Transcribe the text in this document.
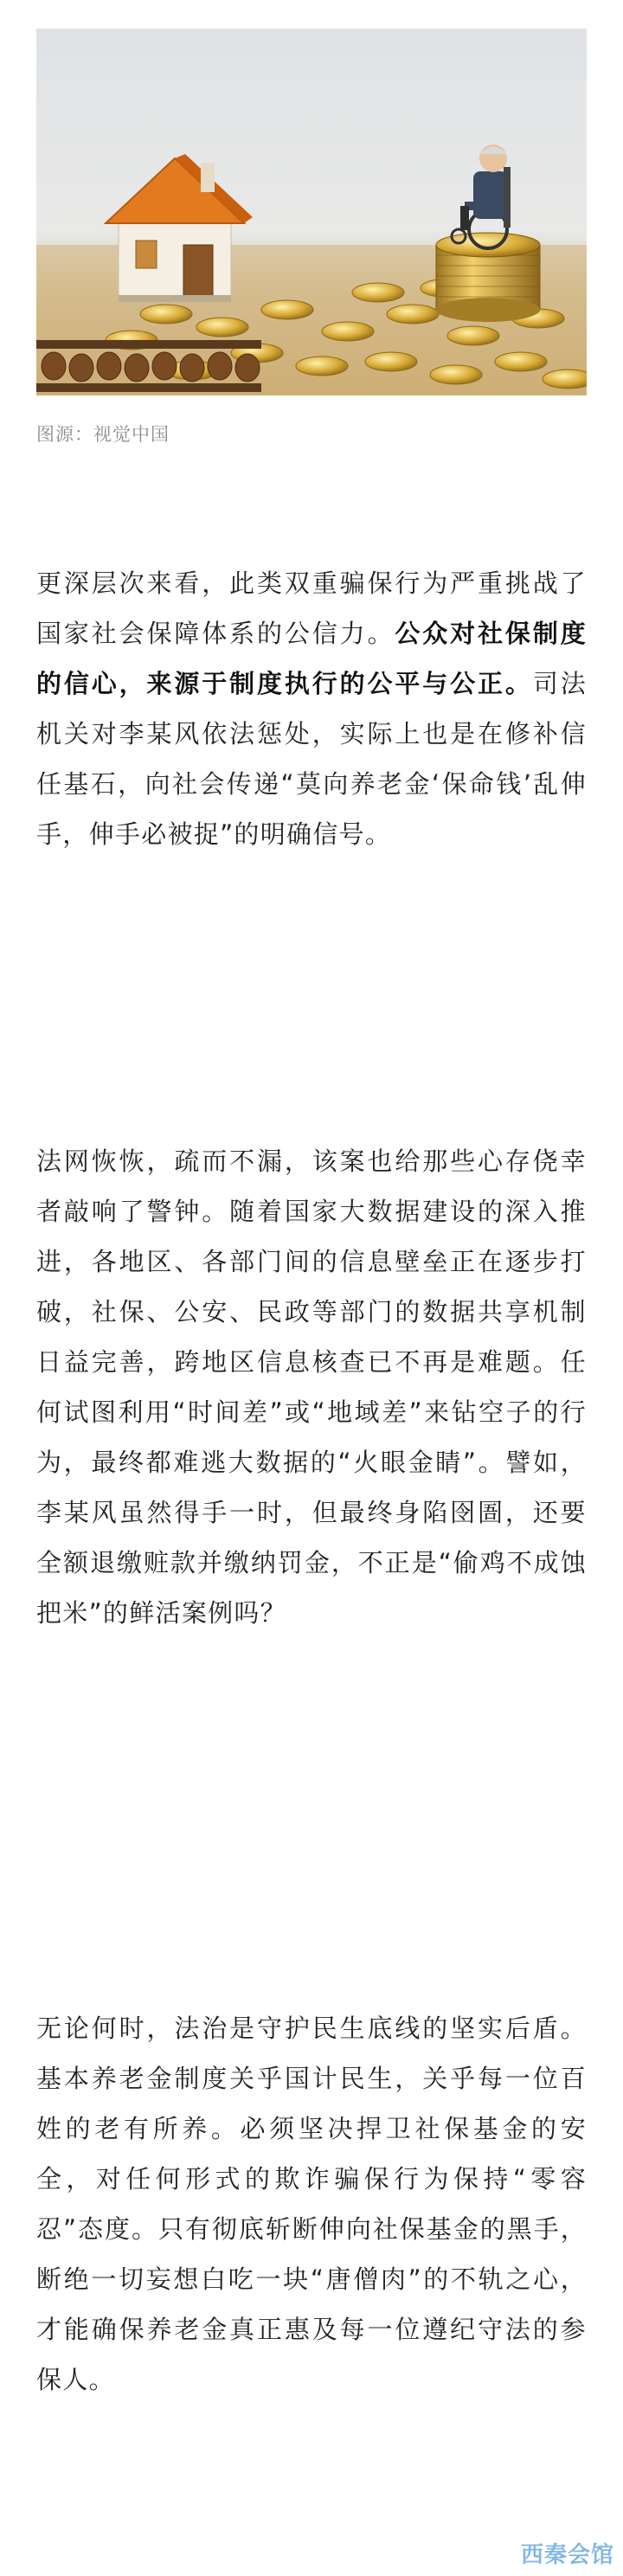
图源：视觉中国

更深层次来看，此类双重骗保行为严重挑战了国家社会保障体系的公信力。公众对社保制度的信心，来源于制度执行的公平与公正。司法机关对李某风依法惩处，实际上也是在修补信任基石，向社会传递“莫向养老金‘保命钱’乱伸手，伸手必被捉”的明确信号。

法网恢恢，疏而不漏，该案也给那些心存侥幸者敲响了警钟。随着国家大数据建设的深入推进，各地区、各部门间的信息壁垒正在逐步打破，社保、公安、民政等部门的数据共享机制日益完善，跨地区信息核查已不再是难题。任何试图利用“时间差”或“地域差”来钻空子的行为，最终都难逃大数据的“火眼金睛”。譬如，李某风虽然得手一时，但最终身陷囹圄，还要全额退缴赃款并缴纳罚金，不正是“偷鸡不成蚀把米”的鲜活案例吗？

无论何时，法治是守护民生底线的坚实后盾。基本养老金制度关乎国计民生，关乎每一位百姓的老有所养。必须坚决捍卫社保基金的安全，对任何形式的欺诈骗保行为保持“零容忍”态度。只有彻底斩断伸向社保基金的黑手，断绝一切妄想白吃一块“唐僧肉”的不轨之心，才能确保养老金真正惠及每一位遵纪守法的参保人。

西秦会馆
